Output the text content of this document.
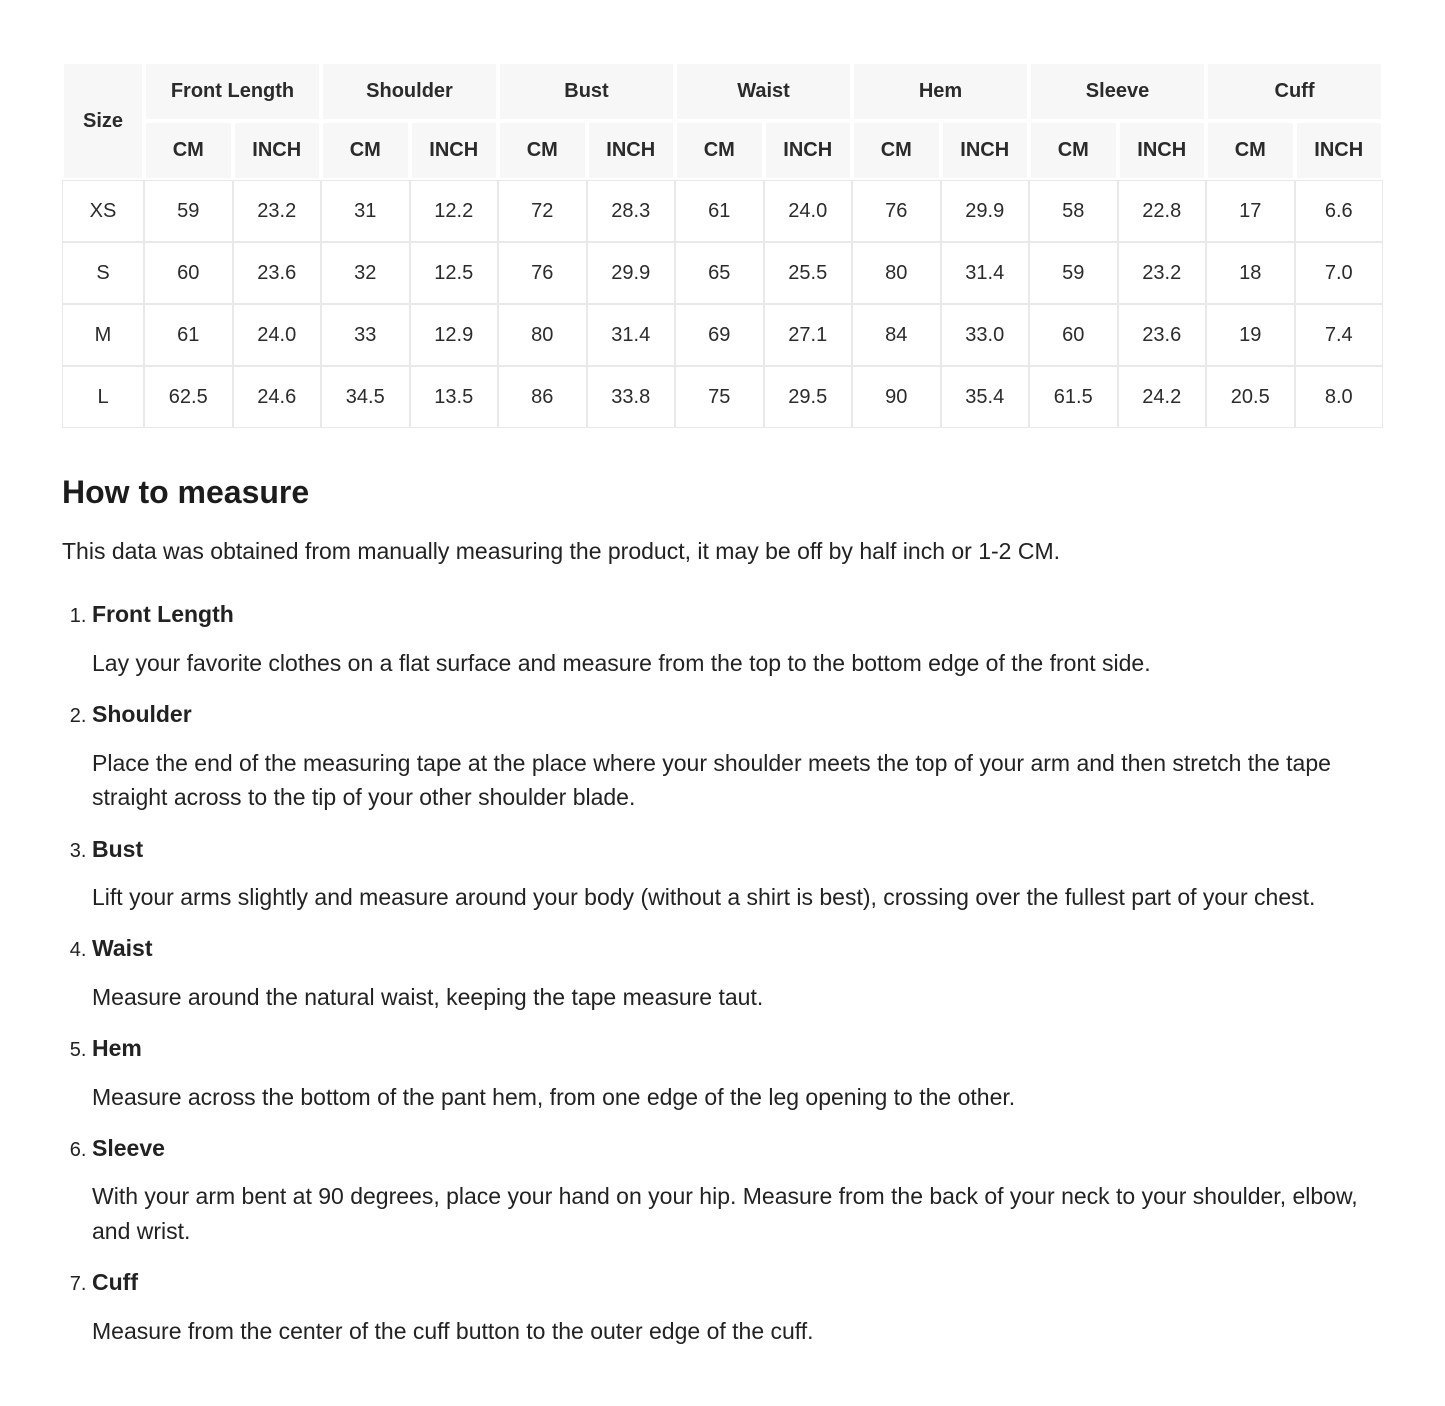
Size	Front Length		Shoulder		Bust		Waist		Hem		Sleeve		Cuff	
	CM	INCH	CM	INCH	CM	INCH	CM	INCH	CM	INCH	CM	INCH	CM	INCH
XS	59	23.2	31	12.2	72	28.3	61	24.0	76	29.9	58	22.8	17	6.6
S	60	23.6	32	12.5	76	29.9	65	25.5	80	31.4	59	23.2	18	7.0
M	61	24.0	33	12.9	80	31.4	69	27.1	84	33.0	60	23.6	19	7.4
L	62.5	24.6	34.5	13.5	86	33.8	75	29.5	90	35.4	61.5	24.2	20.5	8.0
How to measure

This data was obtained from manually measuring the product, it may be off by half inch or 1-2 CM.

1. Front Length

Lay your favorite clothes on a flat surface and measure from the top to the bottom edge of the front side.

2. Shoulder

Place the end of the measuring tape at the place where your shoulder meets the top of your arm and then stretch the tape straight across to the tip of your other shoulder blade.

3. Bust

Lift your arms slightly and measure around your body (without a shirt is best), crossing over the fullest part of your chest.

4. Waist

Measure around the natural waist, keeping the tape measure taut.

5. Hem

Measure across the bottom of the pant hem, from one edge of the leg opening to the other.

6. Sleeve

With your arm bent at 90 degrees, place your hand on your hip. Measure from the back of your neck to your shoulder, elbow, and wrist.

7. Cuff

Measure from the center of the cuff button to the outer edge of the cuff.
